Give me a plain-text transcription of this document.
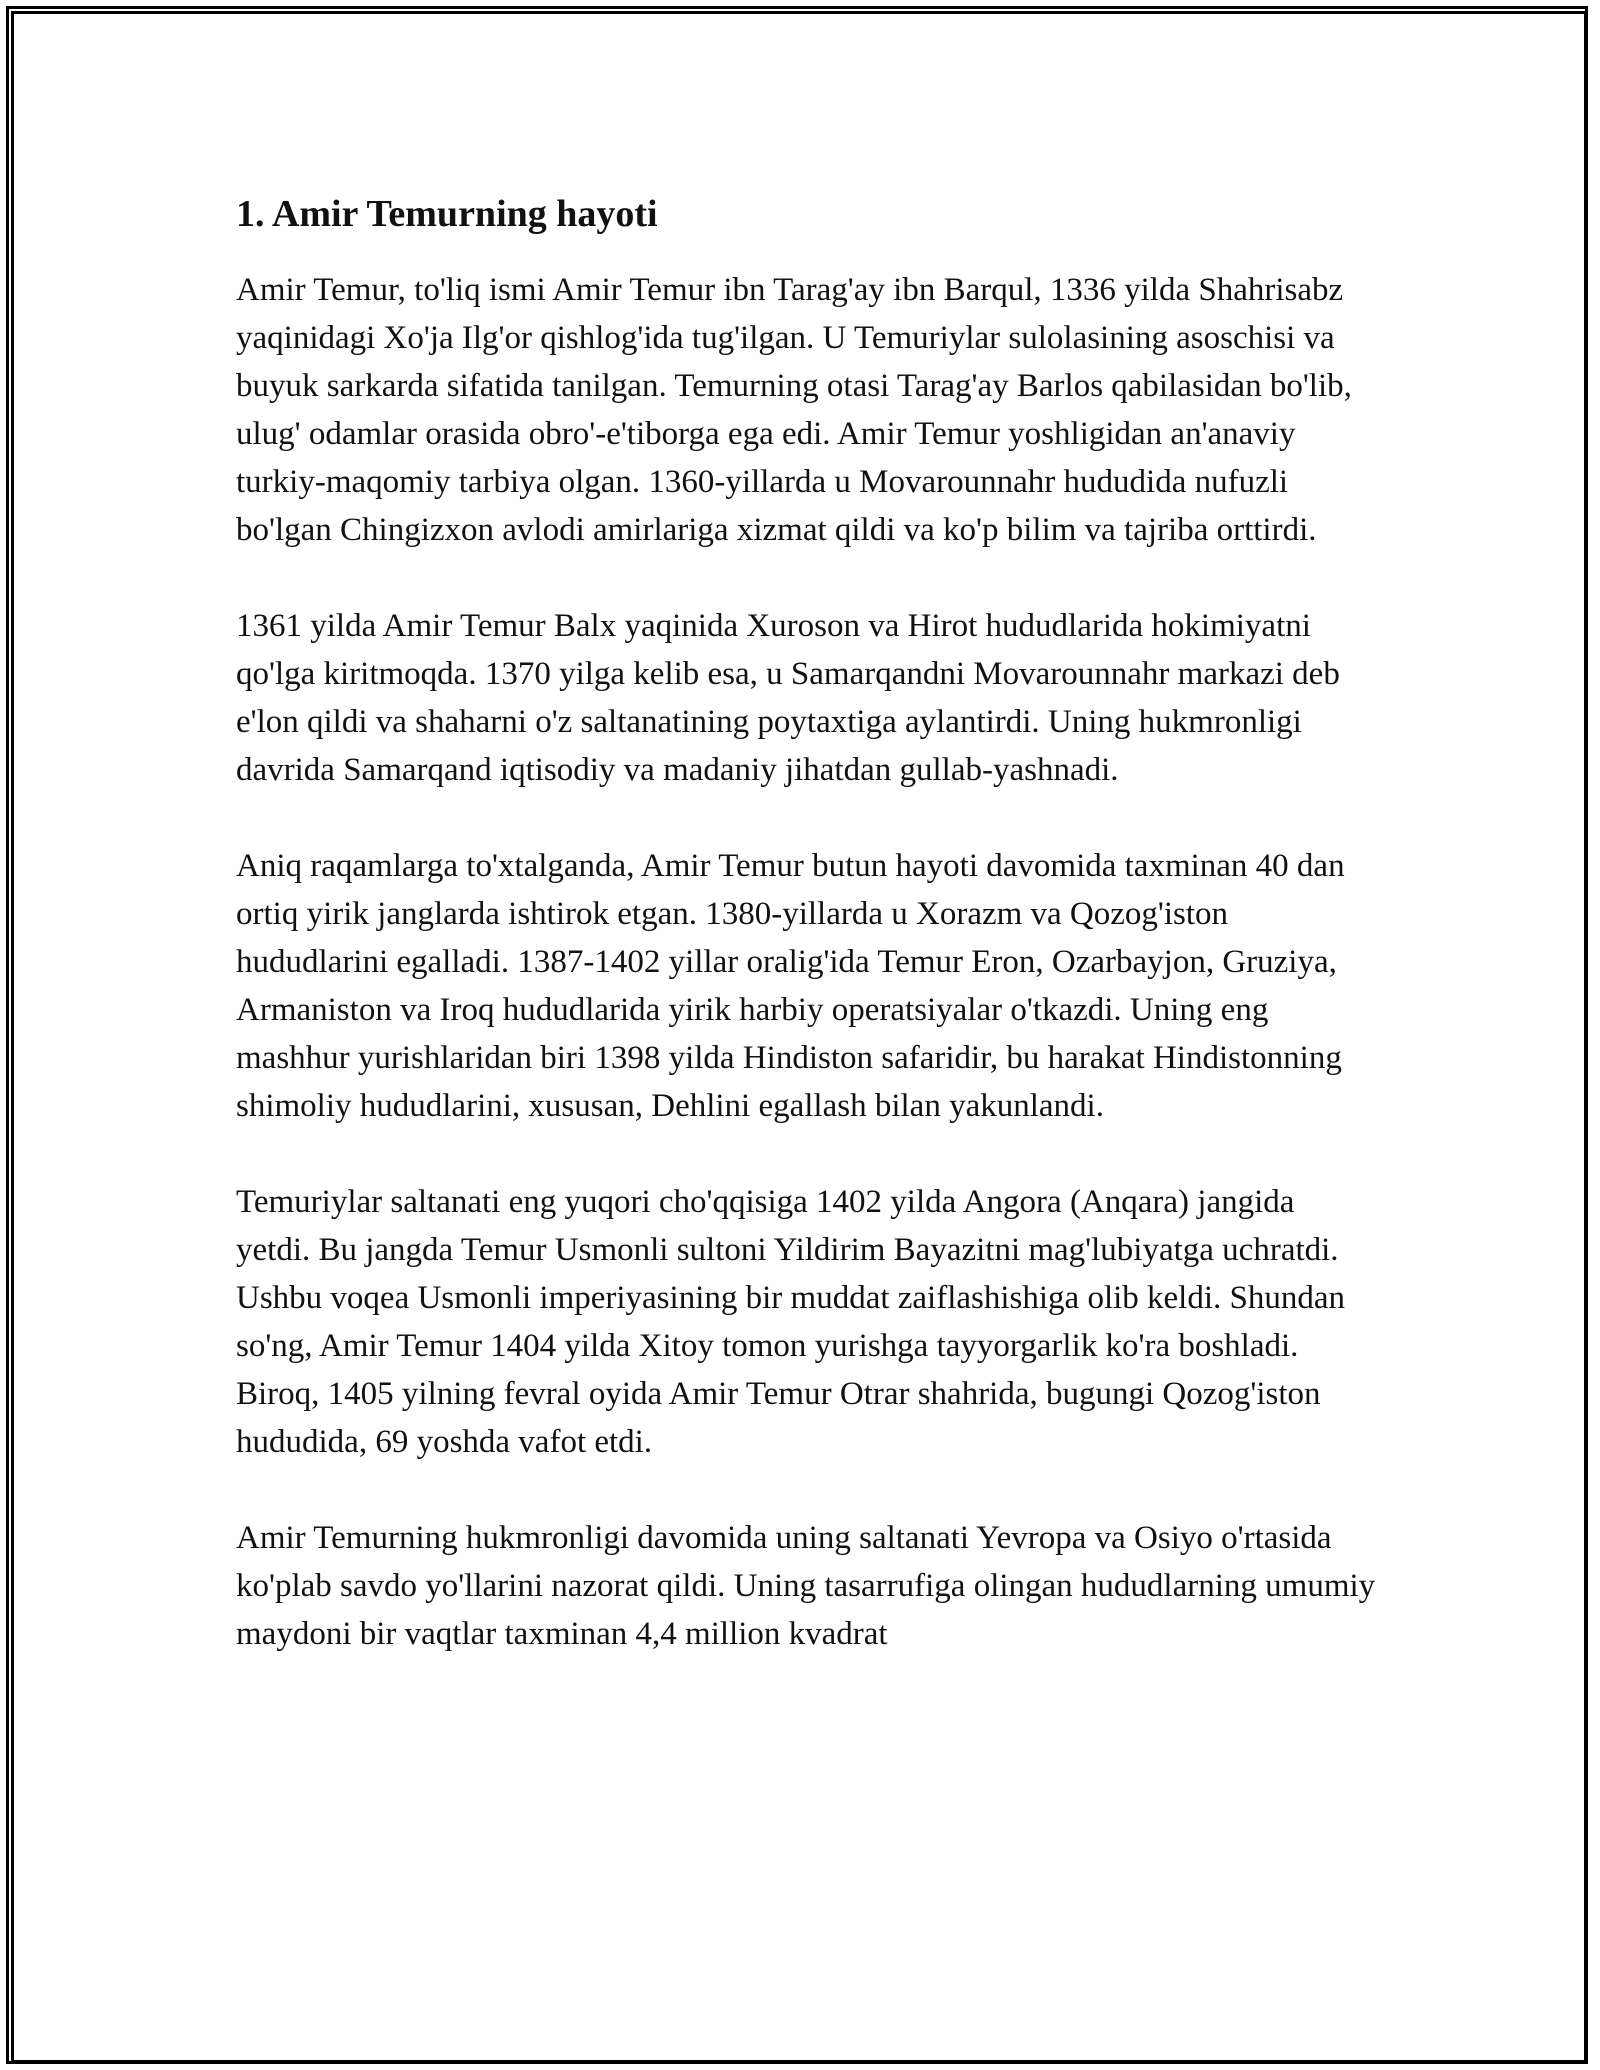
1. Amir Temurning hayoti

Amir Temur, to'liq ismi Amir Temur ibn Tarag'ay ibn Barqul, 1336 yilda Shahrisabz yaqinidagi Xo'ja Ilg'or qishlog'ida tug'ilgan. U Temuriylar sulolasining asoschisi va buyuk sarkarda sifatida tanilgan. Temurning otasi Tarag'ay Barlos qabilasidan bo'lib, ulug' odamlar orasida obro'-e'tiborga ega edi. Amir Temur yoshligidan an'anaviy turkiy-maqomiy tarbiya olgan. 1360-yillarda u Movarounnahr hududida nufuzli bo'lgan Chingizxon avlodi amirlariga xizmat qildi va ko'p bilim va tajriba orttirdi.

1361 yilda Amir Temur Balx yaqinida Xuroson va Hirot hududlarida hokimiyatni qo'lga kiritmoqda. 1370 yilga kelib esa, u Samarqandni Movarounnahr markazi deb e'lon qildi va shaharni o'z saltanatining poytaxtiga aylantirdi. Uning hukmronligi davrida Samarqand iqtisodiy va madaniy jihatdan gullab-yashnadi.

Aniq raqamlarga to'xtalganda, Amir Temur butun hayoti davomida taxminan 40 dan ortiq yirik janglarda ishtirok etgan. 1380-yillarda u Xorazm va Qozog'iston hududlarini egalladi. 1387-1402 yillar oralig'ida Temur Eron, Ozarbayjon, Gruziya, Armaniston va Iroq hududlarida yirik harbiy operatsiyalar o'tkazdi. Uning eng mashhur yurishlaridan biri 1398 yilda Hindiston safaridir, bu harakat Hindistonning shimoliy hududlarini, xususan, Dehlini egallash bilan yakunlandi.

Temuriylar saltanati eng yuqori cho'qqisiga 1402 yilda Angora (Anqara) jangida yetdi. Bu jangda Temur Usmonli sultoni Yildirim Bayazitni mag'lubiyatga uchratdi. Ushbu voqea Usmonli imperiyasining bir muddat zaiflashishiga olib keldi. Shundan so'ng, Amir Temur 1404 yilda Xitoy tomon yurishga tayyorgarlik ko'ra boshladi. Biroq, 1405 yilning fevral oyida Amir Temur Otrar shahrida, bugungi Qozog'iston hududida, 69 yoshda vafot etdi.

Amir Temurning hukmronligi davomida uning saltanati Yevropa va Osiyo o'rtasida ko'plab savdo yo'llarini nazorat qildi. Uning tasarrufiga olingan hududlarning umumiy maydoni bir vaqtlar taxminan 4,4 million kvadrat
